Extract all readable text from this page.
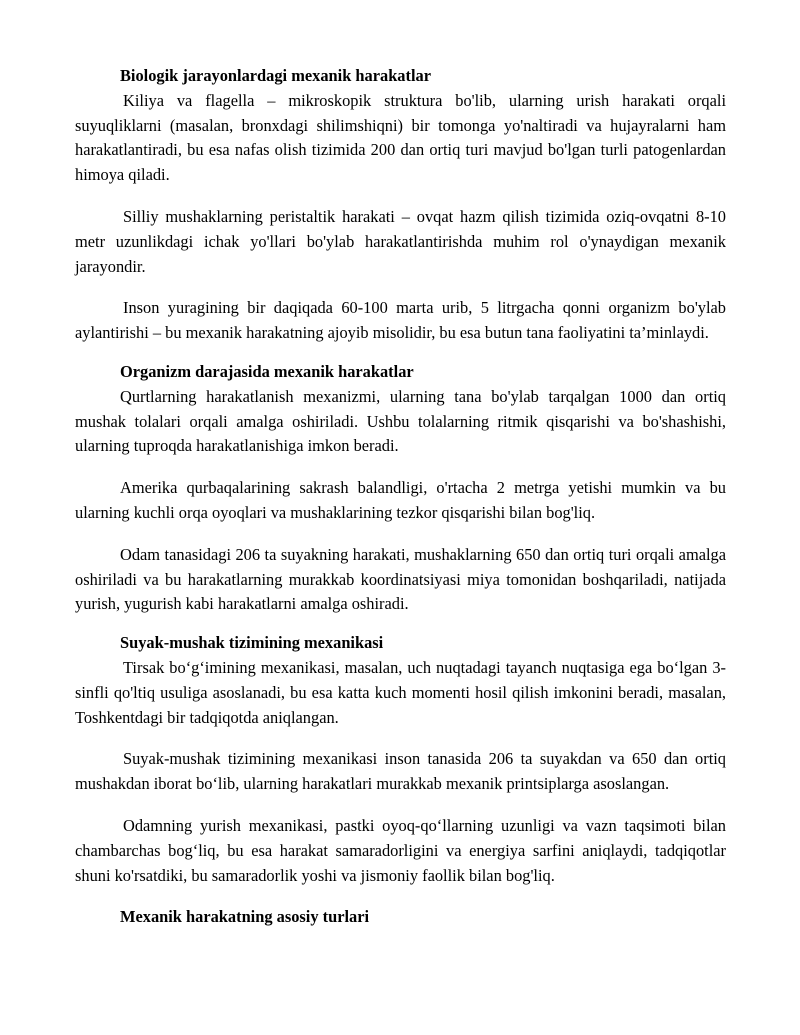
Biologik jarayonlardagi mexanik harakatlar

Kiliya va flagella – mikroskopik struktura bo'lib, ularning urish harakati orqali suyuqliklarni (masalan, bronxdagi shilimshiqni) bir tomonga yo'naltiradi va hujayralarni ham harakatlantiradi, bu esa nafas olish tizimida 200 dan ortiq turi mavjud bo'lgan turli patogenlardan himoya qiladi.

Silliy mushaklarning peristaltik harakati – ovqat hazm qilish tizimida oziq-ovqatni 8-10 metr uzunlikdagi ichak yo'llari bo'ylab harakatlantirishda muhim rol o'ynaydigan mexanik jarayondir.

Inson yuragining bir daqiqada 60-100 marta urib, 5 litrgacha qonni organizm bo'ylab aylantirishi – bu mexanik harakatning ajoyib misolidir, bu esa butun tana faoliyatini ta’minlaydi.

Organizm darajasida mexanik harakatlar

Qurtlarning harakatlanish mexanizmi, ularning tana bo'ylab tarqalgan 1000 dan ortiq mushak tolalari orqali amalga oshiriladi. Ushbu tolalarning ritmik qisqarishi va bo'shashishi, ularning tuproqda harakatlanishiga imkon beradi.

Amerika qurbaqalarining sakrash balandligi, o'rtacha 2 metrga yetishi mumkin va bu ularning kuchli orqa oyoqlari va mushaklarining tezkor qisqarishi bilan bog'liq.

Odam tanasidagi 206 ta suyakning harakati, mushaklarning 650 dan ortiq turi orqali amalga oshiriladi va bu harakatlarning murakkab koordinatsiyasi miya tomonidan boshqariladi, natijada yurish, yugurish kabi harakatlarni amalga oshiradi.

Suyak-mushak tizimining mexanikasi

Tirsak bo‘g‘imining mexanikasi, masalan, uch nuqtadagi tayanch nuqtasiga ega bo‘lgan 3-sinfli qo'ltiq usuliga asoslanadi, bu esa katta kuch momenti hosil qilish imkonini beradi, masalan, Toshkentdagi bir tadqiqotda aniqlangan.

Suyak-mushak tizimining mexanikasi inson tanasida 206 ta suyakdan va 650 dan ortiq mushakdan iborat bo‘lib, ularning harakatlari murakkab mexanik printsiplarga asoslangan.

Odamning yurish mexanikasi, pastki oyoq-qo‘llarning uzunligi va vazn taqsimoti bilan chambarchas bog‘liq, bu esa harakat samaradorligini va energiya sarfini aniqlaydi, tadqiqotlar shuni ko'rsatdiki, bu samaradorlik yoshi va jismoniy faollik bilan bog'liq.

Mexanik harakatning asosiy turlari
